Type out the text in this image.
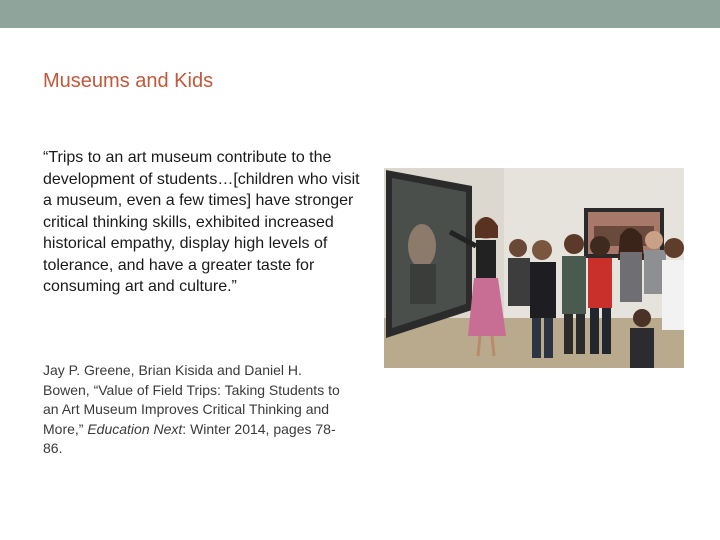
Museums and Kids

“Trips to an art museum contribute to the development of students…[children who visit a museum, even a few times] have stronger critical thinking skills, exhibited increased historical empathy, display high levels of tolerance, and have a greater taste for consuming art and culture.”

Jay P. Greene, Brian Kisida and Daniel H. Bowen, “Value of Field Trips: Taking Students to an Art Museum Improves Critical Thinking and More,” Education Next: Winter 2014, pages 78-86.
